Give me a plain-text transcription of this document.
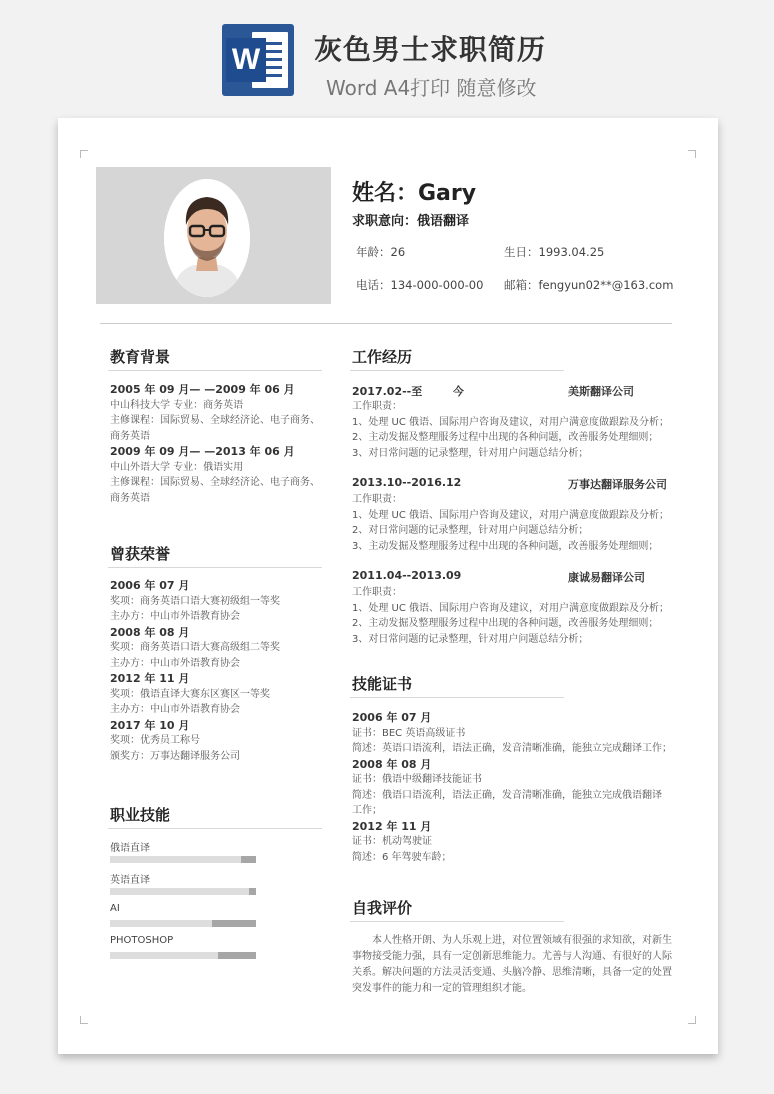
W 灰色男士求职简历
Word A4打印 随意修改
姓名：Gary
求职意向：俄语翻译
年龄：26	生日：1993.04.25
电话：134-000-000-00 邮箱：fengyun02**@163.com
教育背景
2005 年 09 月— —2009 年 06 月
中山科技大学 专业：商务英语
主修课程：国际贸易、全球经济论、电子商务、
商务英语
2009 年 09 月— —2013 年 06 月
中山外语大学 专业：俄语实用
主修课程：国际贸易、全球经济论、电子商务、
商务英语
曾获荣誉
2006 年 07 月
奖项：商务英语口语大赛初级组一等奖
主办方：中山市外语教育协会
2008 年 08 月
奖项：商务英语口语大赛高级组二等奖
主办方：中山市外语教育协会
2012 年 11 月
奖项：俄语直译大赛东区赛区一等奖
主办方：中山市外语教育协会
2017 年 10 月
奖项：优秀员工称号
颁奖方：万事达翻译服务公司
职业技能
俄语直译
英语直译
AI
PHOTOSHOP
工作经历
2017.02--至        今	美斯翻译公司
工作职责：
1、处理 UC 俄语、国际用户咨询及建议，对用户满意度做跟踪及分析；
2、主动发掘及整理服务过程中出现的各种问题，改善服务处理细则；
3、对日常问题的记录整理，针对用户问题总结分析；
2013.10--2016.12	万事达翻译服务公司
工作职责：
1、处理 UC 俄语、国际用户咨询及建议，对用户满意度做跟踪及分析；
2、对日常问题的记录整理，针对用户问题总结分析；
3、主动发掘及整理服务过程中出现的各种问题，改善服务处理细则；
2011.04--2013.09	康诚易翻译公司
工作职责：
1、处理 UC 俄语、国际用户咨询及建议，对用户满意度做跟踪及分析；
2、主动发掘及整理服务过程中出现的各种问题，改善服务处理细则；
3、对日常问题的记录整理，针对用户问题总结分析；
技能证书
2006 年 07 月
证书：BEC 英语高级证书
简述：英语口语流利，语法正确，发音清晰准确，能独立完成翻译工作；
2008 年 08 月
证书：俄语中级翻译技能证书
简述：俄语口语流利，语法正确，发音清晰准确，能独立完成俄语翻译
工作；
2012 年 11 月
证书：机动驾驶证
简述：6 年驾驶车龄；
自我评价
本人性格开朗、为人乐观上进，对位置领域有很强的求知欲，对新生事物接受能力强，具有一定创新思维能力。尤善与人沟通、有很好的人际关系。解决问题的方法灵活变通、头脑冷静、思维清晰，具备一定的处置突发事件的能力和一定的管理组织才能。
